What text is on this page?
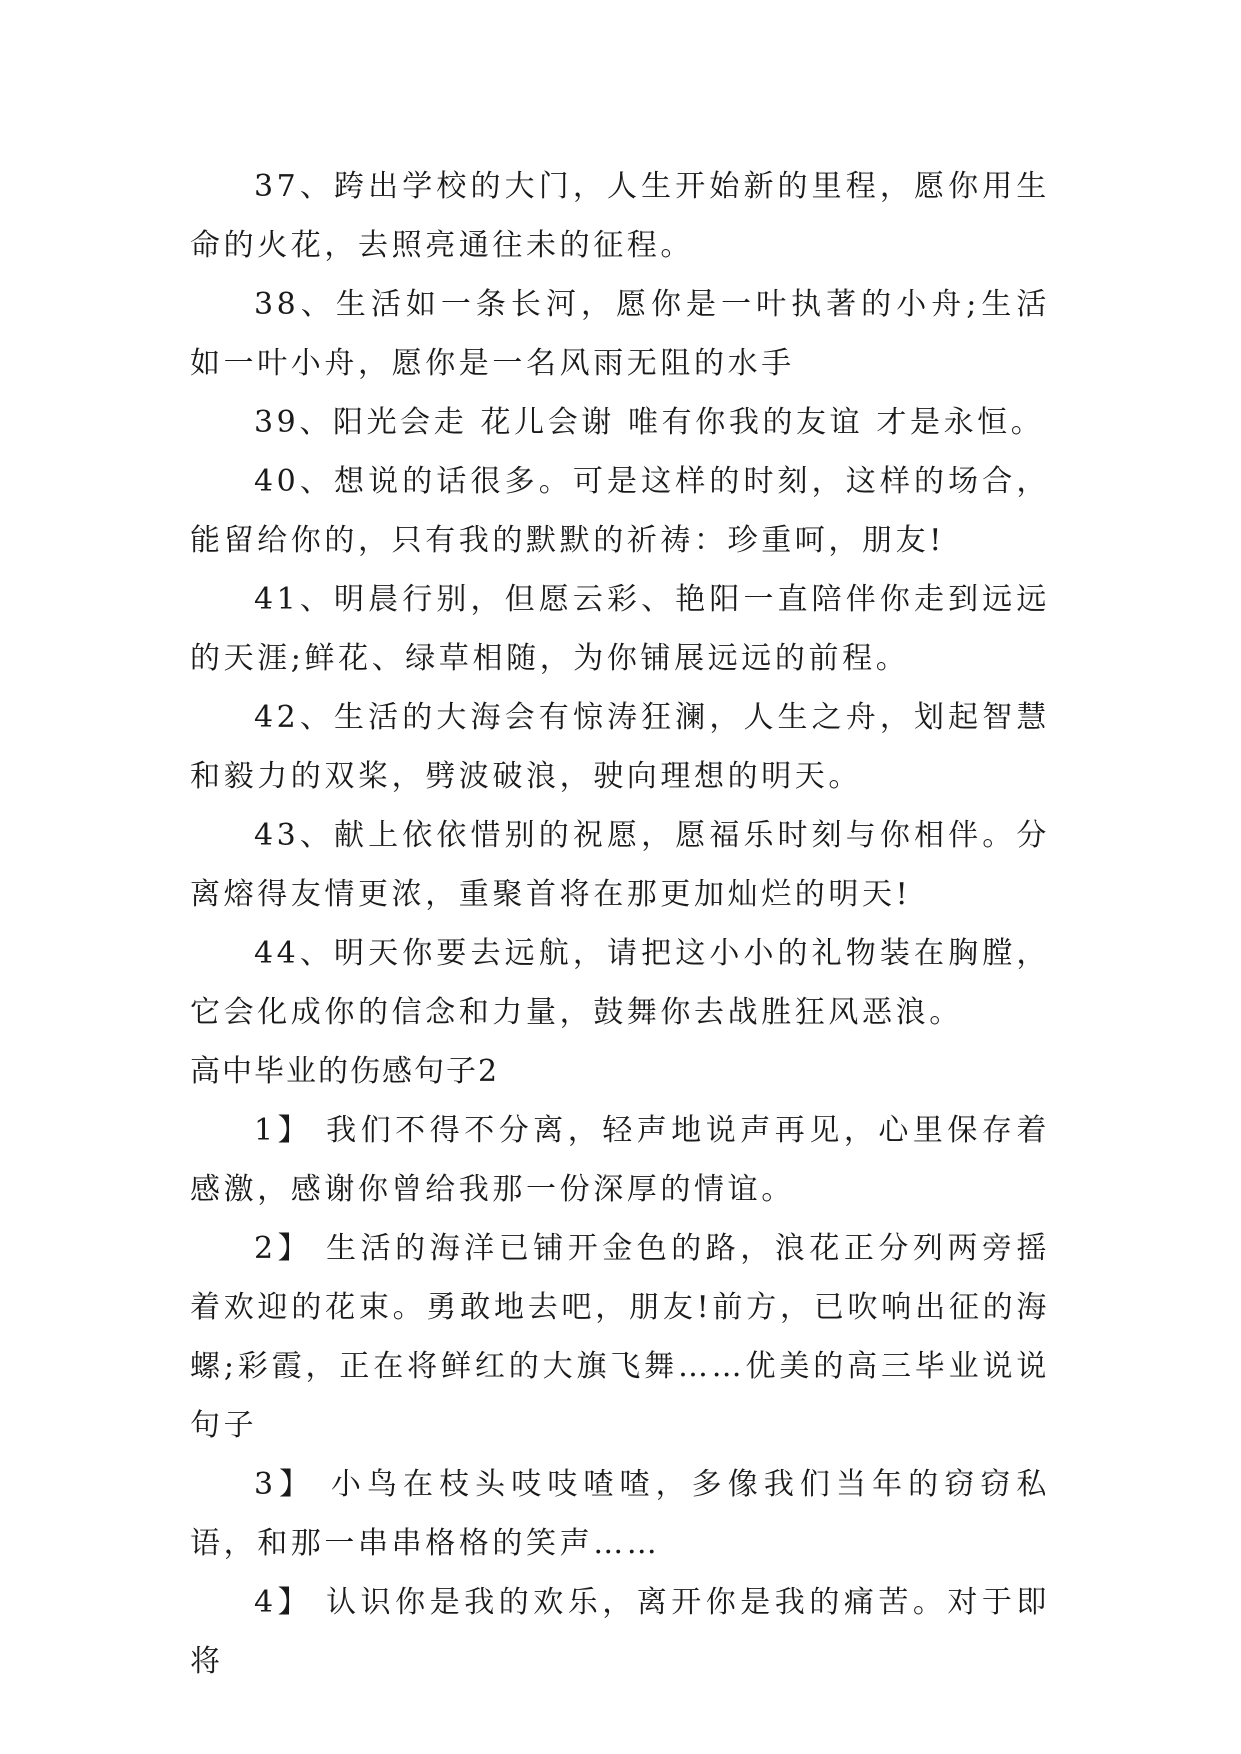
37、跨出学校的大门，人生开始新的里程，愿你用生命的火花，去照亮通往未的征程。

38、生活如一条长河，愿你是一叶执著的小舟;生活如一叶小舟，愿你是一名风雨无阻的水手

39、阳光会走 花儿会谢 唯有你我的友谊 才是永恒。

40、想说的话很多。可是这样的时刻，这样的场合，能留给你的，只有我的默默的祈祷：珍重呵，朋友!

41、明晨行别，但愿云彩、艳阳一直陪伴你走到远远的天涯;鲜花、绿草相随，为你铺展远远的前程。

42、生活的大海会有惊涛狂澜，人生之舟，划起智慧和毅力的双桨，劈波破浪，驶向理想的明天。

43、献上依依惜别的祝愿，愿福乐时刻与你相伴。分离熔得友情更浓，重聚首将在那更加灿烂的明天!

44、明天你要去远航，请把这小小的礼物装在胸膛，它会化成你的信念和力量，鼓舞你去战胜狂风恶浪。

高中毕业的伤感句子2

1】 我们不得不分离，轻声地说声再见，心里保存着感激，感谢你曾给我那一份深厚的情谊。

2】 生活的海洋已铺开金色的路，浪花正分列两旁摇着欢迎的花束。勇敢地去吧，朋友!前方，已吹响出征的海螺;彩霞，正在将鲜红的大旗飞舞……优美的高三毕业说说句子

3】 小鸟在枝头吱吱喳喳，多像我们当年的窃窃私语，和那一串串格格的笑声……

4】 认识你是我的欢乐，离开你是我的痛苦。对于即将
